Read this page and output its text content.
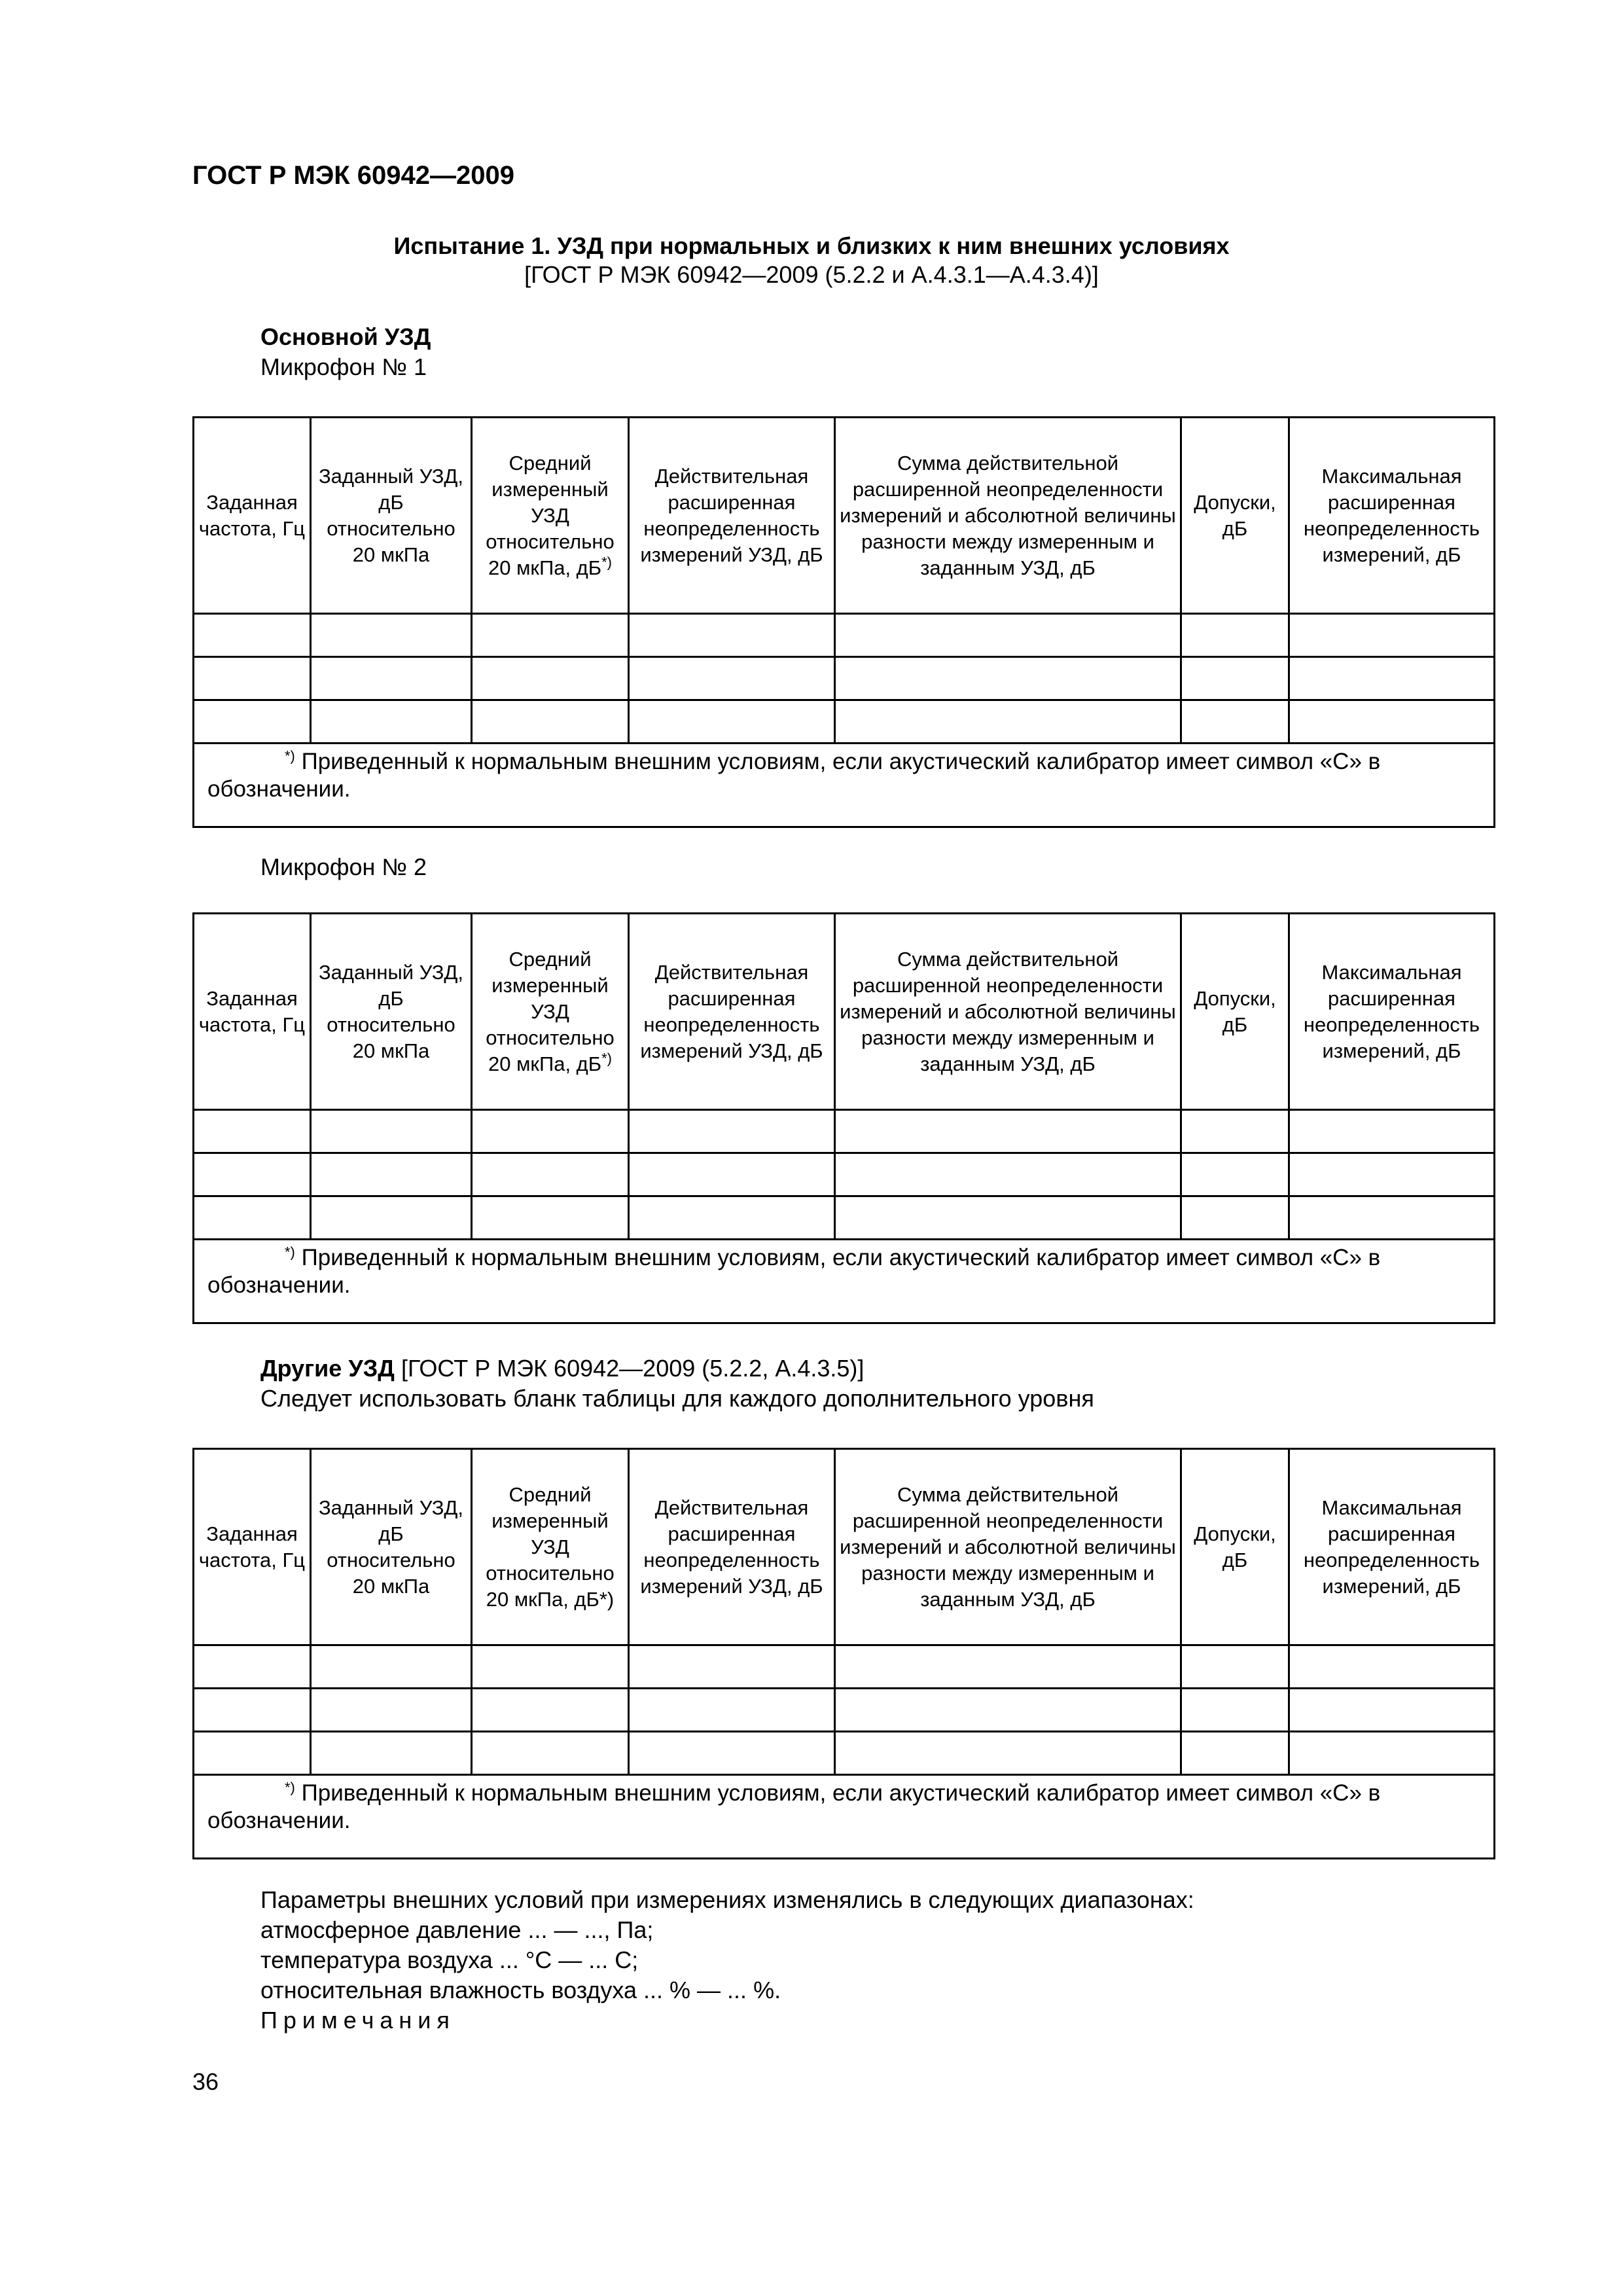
ГОСТ Р МЭК 60942—2009
Испытание 1. УЗД при нормальных и близких к ним внешних условиях
[ГОСТ Р МЭК 60942—2009 (5.2.2 и А.4.3.1—А.4.3.4)]
Основной УЗД
Микрофон № 1
Заданная частота, Гц	Заданный УЗД, дБ относительно 20 мкПа	Средний измеренный УЗД относительно 20 мкПа, дБ*)	Действительная расширенная неопределенность измерений УЗД, дБ	Сумма действительной расширенной неопределенности измерений и абсолютной величины разности между измеренным и заданным УЗД, дБ	Допуски, дБ	Максимальная расширенная неопределенность измерений, дБ

*) Приведенный к нормальным внешним условиям, если акустический калибратор имеет символ «С» в обозначении.						
Микрофон № 2
Заданная частота, Гц	Заданный УЗД, дБ относительно 20 мкПа	Средний измеренный УЗД относительно 20 мкПа, дБ*)	Действительная расширенная неопределенность измерений УЗД, дБ	Сумма действительной расширенной неопределенности измерений и абсолютной величины разности между измеренным и заданным УЗД, дБ	Допуски, дБ	Максимальная расширенная неопределенность измерений, дБ

*) Приведенный к нормальным внешним условиям, если акустический калибратор имеет символ «С» в обозначении.						
Другие УЗД [ГОСТ Р МЭК 60942—2009 (5.2.2, А.4.3.5)]
Следует использовать бланк таблицы для каждого дополнительного уровня
Заданная частота, Гц	Заданный УЗД, дБ относительно 20 мкПа	Средний измеренный УЗД относительно 20 мкПа, дБ*)	Действительная расширенная неопределенность измерений УЗД, дБ	Сумма действительной расширенной неопределенности измерений и абсолютной величины разности между измеренным и заданным УЗД, дБ	Допуски, дБ	Максимальная расширенная неопределенность измерений, дБ

*) Приведенный к нормальным внешним условиям, если акустический калибратор имеет символ «С» в обозначении.						
Параметры внешних условий при измерениях изменялись в следующих диапазонах:
атмосферное давление ... — ..., Па;
температура воздуха ... °С — ... С;
относительная влажность воздуха ... % — ... %.
Примечания
36
